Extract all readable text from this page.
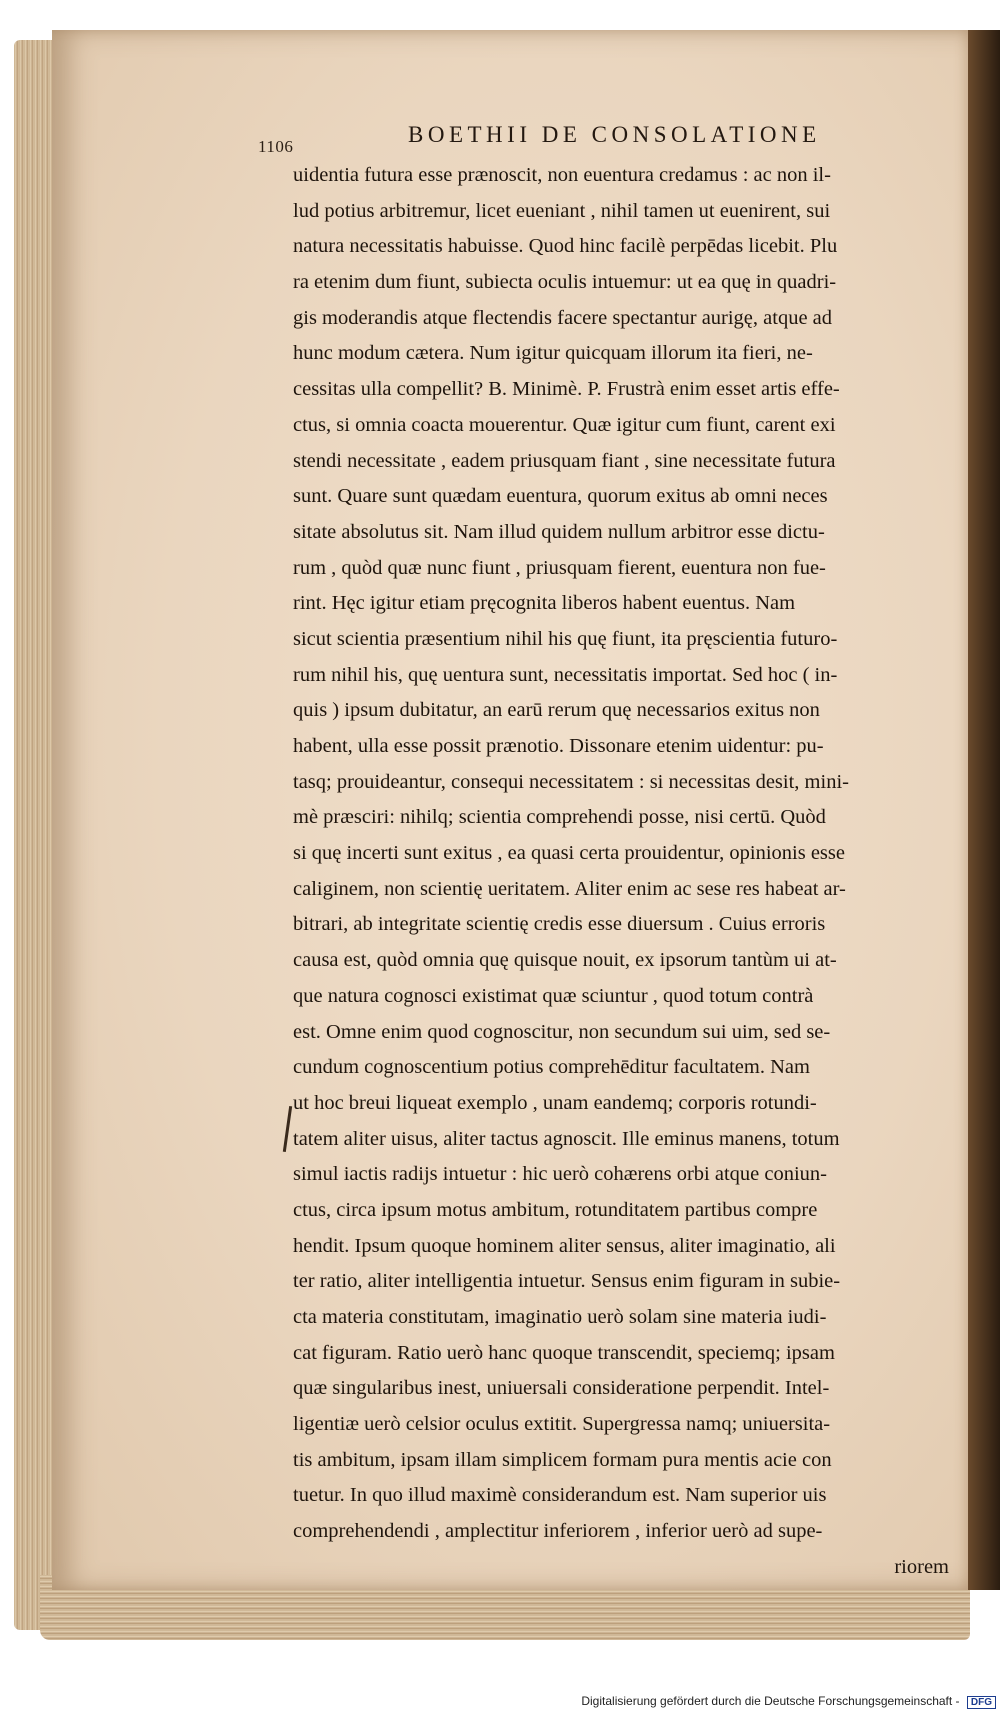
1106	BOETHII DE CONSOLATIONE
uidentia futura esse prænoscit, non euentura credamus : ac non il-
lud potius arbitremur, licet eueniant , nihil tamen ut euenirent, sui
natura necessitatis habuisse. Quod hinc facilè perpēdas licebit. Plu
ra etenim dum fiunt, subiecta oculis intuemur: ut ea quę in quadri-
gis moderandis atque flectendis facere spectantur aurigę, atque ad
hunc modum cætera. Num igitur quicquam illorum ita fieri, ne-
cessitas ulla compellit? B. Minimè. P. Frustrà enim esset artis effe-
ctus, si omnia coacta mouerentur. Quæ igitur cum fiunt, carent exi
stendi necessitate , eadem priusquam fiant , sine necessitate futura
sunt. Quare sunt quædam euentura, quorum exitus ab omni neces
sitate absolutus sit. Nam illud quidem nullum arbitror esse dictu-
rum , quòd quæ nunc fiunt , priusquam fierent, euentura non fue-
rint. Hęc igitur etiam pręcognita liberos habent euentus. Nam
sicut scientia præsentium nihil his quę fiunt, ita pręscientia futuro-
rum nihil his, quę uentura sunt, necessitatis importat. Sed hoc ( in-
quis ) ipsum dubitatur, an earū rerum quę necessarios exitus non
habent, ulla esse possit prænotio. Dissonare etenim uidentur: pu-
tasq; prouideantur, consequi necessitatem : si necessitas desit, mini-
mè præsciri: nihilq; scientia comprehendi posse, nisi certū. Quòd
si quę incerti sunt exitus , ea quasi certa prouidentur, opinionis esse
caliginem, non scientię ueritatem. Aliter enim ac sese res habeat ar-
bitrari, ab integritate scientię credis esse diuersum . Cuius erroris
causa est, quòd omnia quę quisque nouit, ex ipsorum tantùm ui at-
que natura cognosci existimat quæ sciuntur , quod totum contrà
est. Omne enim quod cognoscitur, non secundum sui uim, sed se-
cundum cognoscentium potius comprehēditur facultatem. Nam
ut hoc breui liqueat exemplo , unam eandemq; corporis rotundi-
tatem aliter uisus, aliter tactus agnoscit. Ille eminus manens, totum
simul iactis radijs intuetur : hic uerò cohærens orbi atque coniun-
ctus, circa ipsum motus ambitum, rotunditatem partibus compre
hendit. Ipsum quoque hominem aliter sensus, aliter imaginatio, ali
ter ratio, aliter intelligentia intuetur. Sensus enim figuram in subie-
cta materia constitutam, imaginatio uerò solam sine materia iudi-
cat figuram. Ratio uerò hanc quoque transcendit, speciemq; ipsam
quæ singularibus inest, uniuersali consideratione perpendit. Intel-
ligentiæ uerò celsior oculus extitit. Supergressa namq; uniuersita-
tis ambitum, ipsam illam simplicem formam pura mentis acie con
tuetur. In quo illud maximè considerandum est. Nam superior uis
comprehendendi , amplectitur inferiorem , inferior uerò ad supe-
riorem
Digitalisierung gefördert durch die Deutsche Forschungsgemeinschaft - DFG
